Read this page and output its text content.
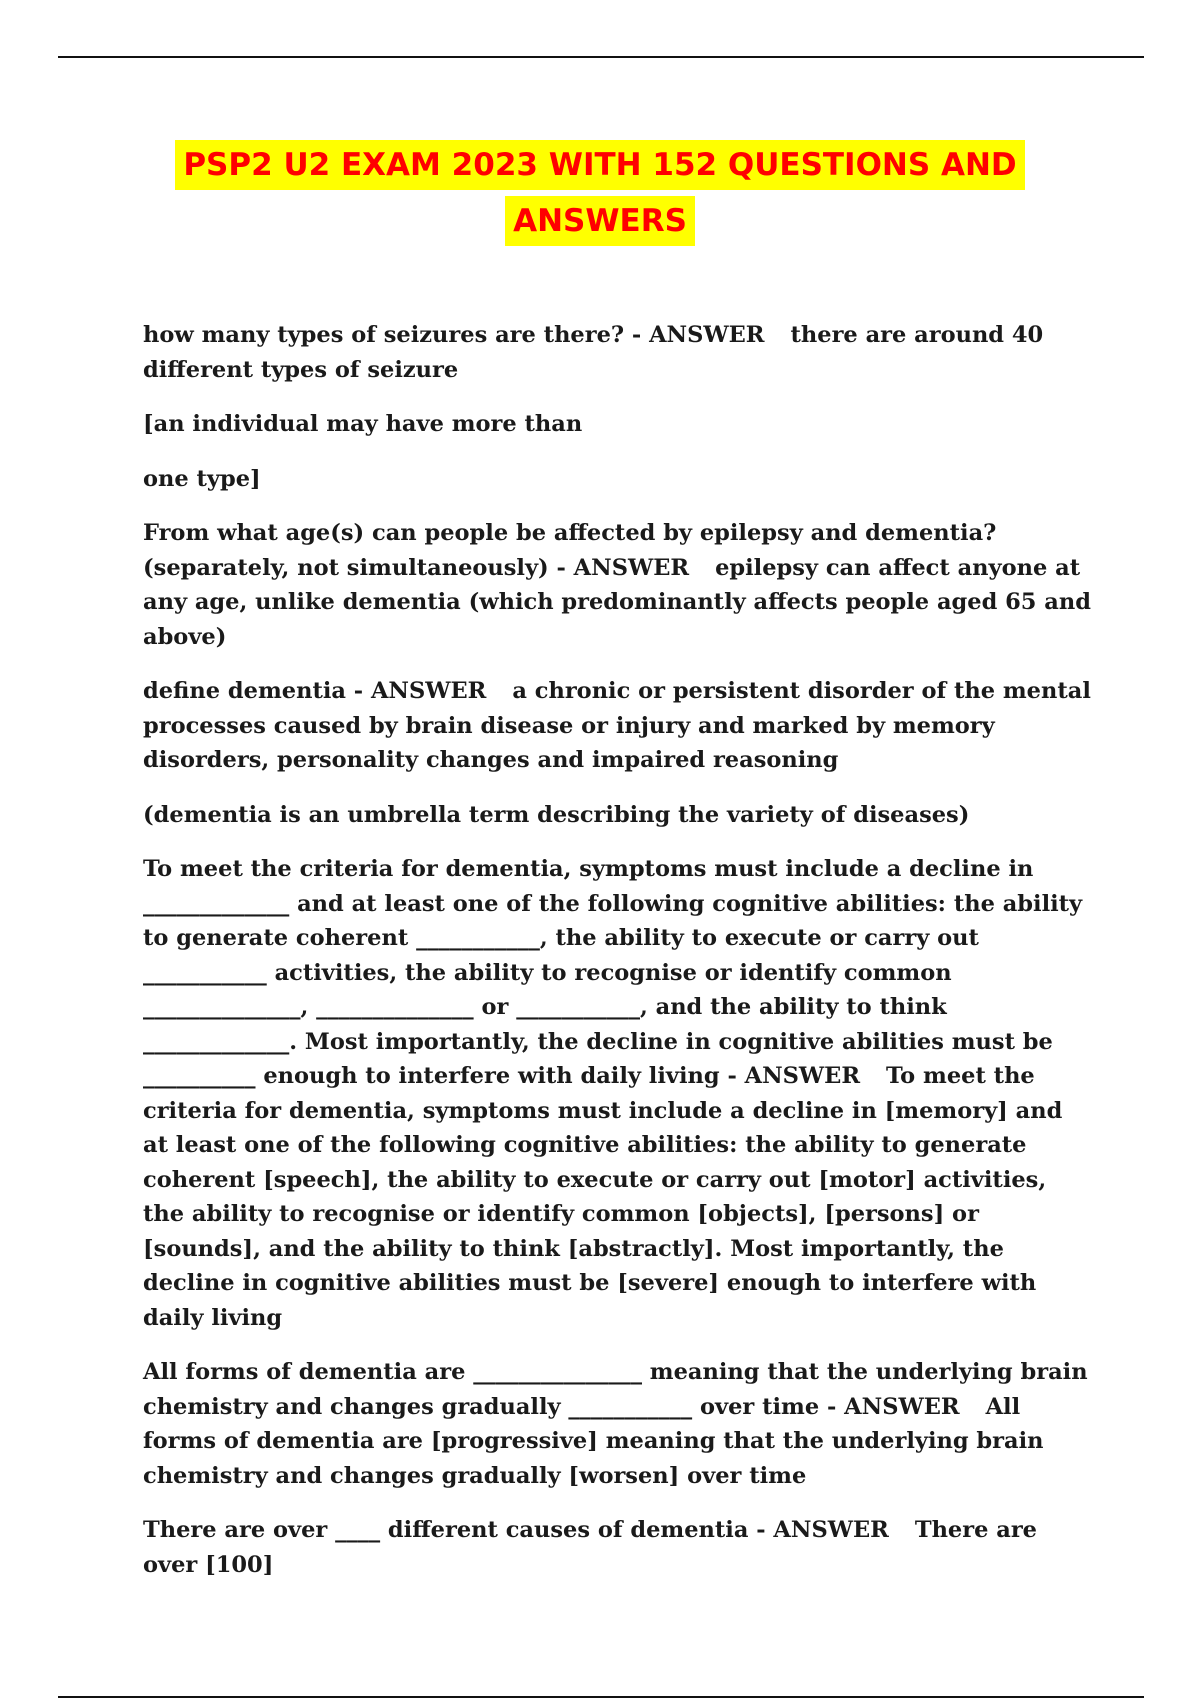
PSP2 U2 EXAM 2023 WITH 152 QUESTIONS AND
ANSWERS

how many types of seizures are there? - ANSWER there are around 40 different types of seizure

[an individual may have more than

one type]

From what age(s) can people be affected by epilepsy and dementia? (separately, not simultaneously) - ANSWER epilepsy can affect anyone at any age, unlike dementia (which predominantly affects people aged 65 and above)

define dementia - ANSWER a chronic or persistent disorder of the mental processes caused by brain disease or injury and marked by memory disorders, personality changes and impaired reasoning

(dementia is an umbrella term describing the variety of diseases)

To meet the criteria for dementia, symptoms must include a decline in _____________ and at least one of the following cognitive abilities: the ability to generate coherent ___________, the ability to execute or carry out ___________ activities, the ability to recognise or identify common ______________, ______________ or ___________, and the ability to think _____________. Most importantly, the decline in cognitive abilities must be __________ enough to interfere with daily living - ANSWER To meet the criteria for dementia, symptoms must include a decline in [memory] and at least one of the following cognitive abilities: the ability to generate coherent [speech], the ability to execute or carry out [motor] activities, the ability to recognise or identify common [objects], [persons] or [sounds], and the ability to think [abstractly]. Most importantly, the decline in cognitive abilities must be [severe] enough to interfere with daily living

All forms of dementia are _______________ meaning that the underlying brain chemistry and changes gradually ___________ over time - ANSWER All forms of dementia are [progressive] meaning that the underlying brain chemistry and changes gradually [worsen] over time

There are over ____ different causes of dementia - ANSWER There are over [100]
